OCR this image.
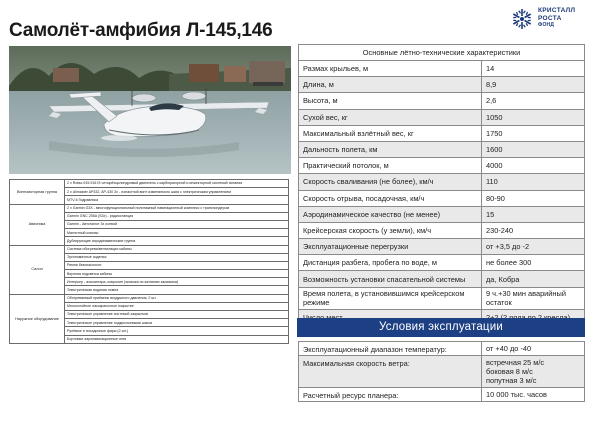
Самолёт-амфибия Л-145,146
КРИСТАЛЛ
РОСТА
ФОНД
Винтомоторная группа	2 х Rotax-915.916 iS четырёхцилиндровый двигатель с карбюраторной и инжекторной системой питания
	2 х Alimaster AP332, AP-430 3х - лопастной винт изменяемого шага с электрическим управлением
	МТV-6 Гидравлика
Авионика	2 х Garmin G3X - многофункциональный пилотажный навигационный комплекс с транспондером
	Garmin GNC 255A (S3x) - радиостанция
	Garmin - Автопилот 3х осевой
	Магнитный компас
	Дублирующие аэродинамические группа
Салон	Система обогрева/вентиляции кабины
	Эргономичные сиденья
	Ремни безопасности
	Верхняя подсветка кабины
	Интерьер - алькантара, ковролин (экокожа по желанию заказчика)
	Электрическая водяная помпа
Наружное оборудование	Обогреваемый приёмник воздушного давления, 2 шт.
	Многослойное лакокрасочное покрытие
	Электрическое управление системой закрылков
	Электрическое управление подкрыльевыми шасси
	Рулёвые и посадочные фары (2 шт.)
	Бортовые аэронавигационные огни
Основные лётно-технические характеристики	
Размах крыльев, м	14
Длина, м	8,9
Высота, м	2,6
Сухой вес, кг	1050
Максимальный взлётный вес, кг	1750
Дальность полета, км	1600
Практический потолок, м	4000
Скорость сваливания (не более), км/ч	110
Скорость отрыва, посадочная, км/ч	80-90
Аэродинамическое качество (не менее)	15
Крейсерская скорость (у земли), км/ч	230-240
Эксплуатационные перегрузки	от +3,5 до -2
Дистанция разбега, пробега по воде, м	не более 300
Возможность установки спасательной системы	да, Кобра
Время полета, в установившимся крейсерском режиме	9 ч.+30 мин аварийный остаток

Условия эксплуатации
Эксплуатационный диапазон температур:	от +40 до -40

Максимальная скорость ветра:	встречная 25 м/с
боковая 8 м/с
попутная 3 м/с

Расчетный ресурс планера:	10 000 тыс. часов
